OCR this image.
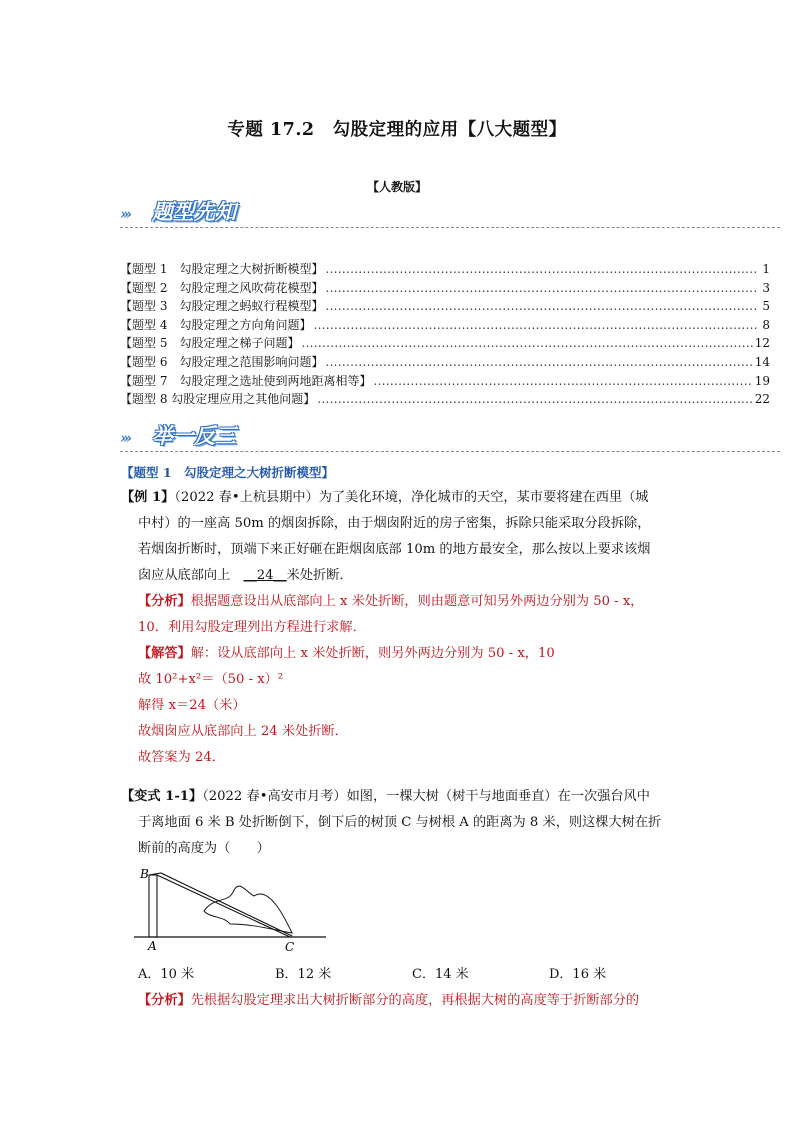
专题 17.2　勾股定理的应用【八大题型】
【人教版】
››› 题型先知
【题型 1　勾股定理之大树折断模型】 .....	1
【题型 2　勾股定理之风吹荷花模型】 .....	3
【题型 3　勾股定理之蚂蚁行程模型】 .....	5
【题型 4　勾股定理之方向角问题】 .....	8
【题型 5　勾股定理之梯子问题】 .....	12
【题型 6　勾股定理之范围影响问题】 .....	14
【题型 7　勾股定理之选址使到两地距离相等】 .....	19
【题型 8 勾股定理应用之其他问题】 .....	22
››› 举一反三
【题型 1　勾股定理之大树折断模型】
【例 1】（2022 春•上杭县期中）为了美化环境，净化城市的天空，某市要将建在西里（城
中村）的一座高 50m 的烟囱拆除，由于烟囱附近的房子密集，拆除只能采取分段拆除，
若烟囱折断时，顶端下来正好砸在距烟囱底部 10m 的地方最安全，那么按以上要求该烟
囱应从底部向上　 __24__米处折断．
【分析】根据题意设出从底部向上 x 米处折断，则由题意可知另外两边分别为 50 - x，
10．利用勾股定理列出方程进行求解．
【解答】解：设从底部向上 x 米处折断，则另外两边分别为 50 - x，10
故 10²+x²＝（50 - x）²
解得 x＝24（米）
故烟囱应从底部向上 24 米处折断．
故答案为 24．
【变式 1-1】（2022 春•高安市月考）如图，一棵大树（树干与地面垂直）在一次强台风中
于离地面 6 米 B 处折断倒下，倒下后的树顶 C 与树根 A 的距离为 8 米，则这棵大树在折
断前的高度为（　　）
B
A	C
A．10 米	B．12 米	C．14 米	D．16 米
【分析】先根据勾股定理求出大树折断部分的高度，再根据大树的高度等于折断部分的
